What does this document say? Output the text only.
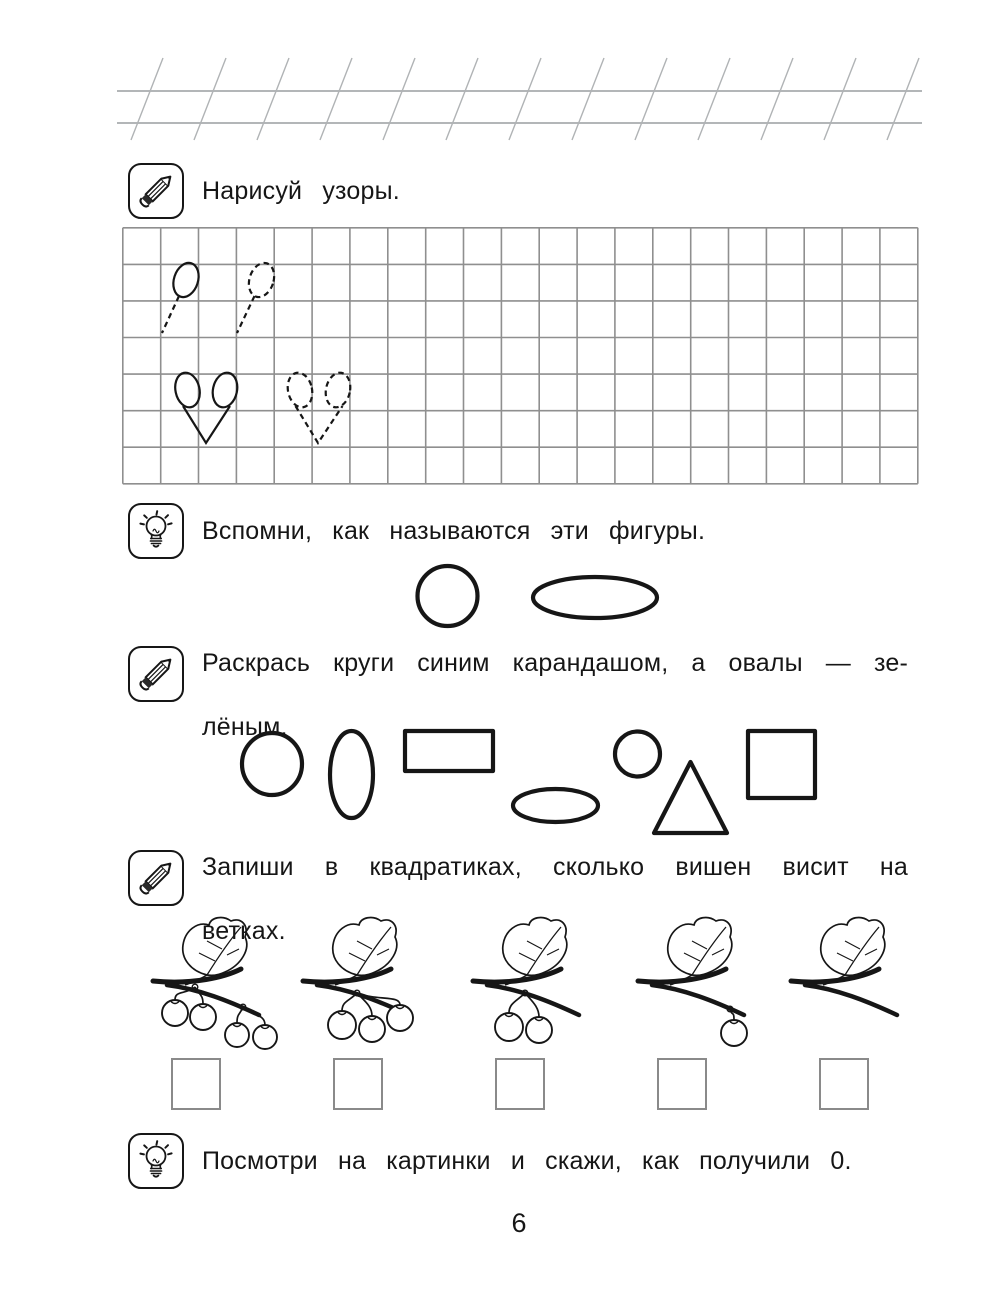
Нарисуй узоры.
Вспомни, как называются эти фигуры.
Раскрась круги синим карандашом, а овалы — зе-
лёным.
Запиши в квадратиках, сколько вишен висит на
ветках.
Посмотри на картинки и скажи, как получили 0.
6
